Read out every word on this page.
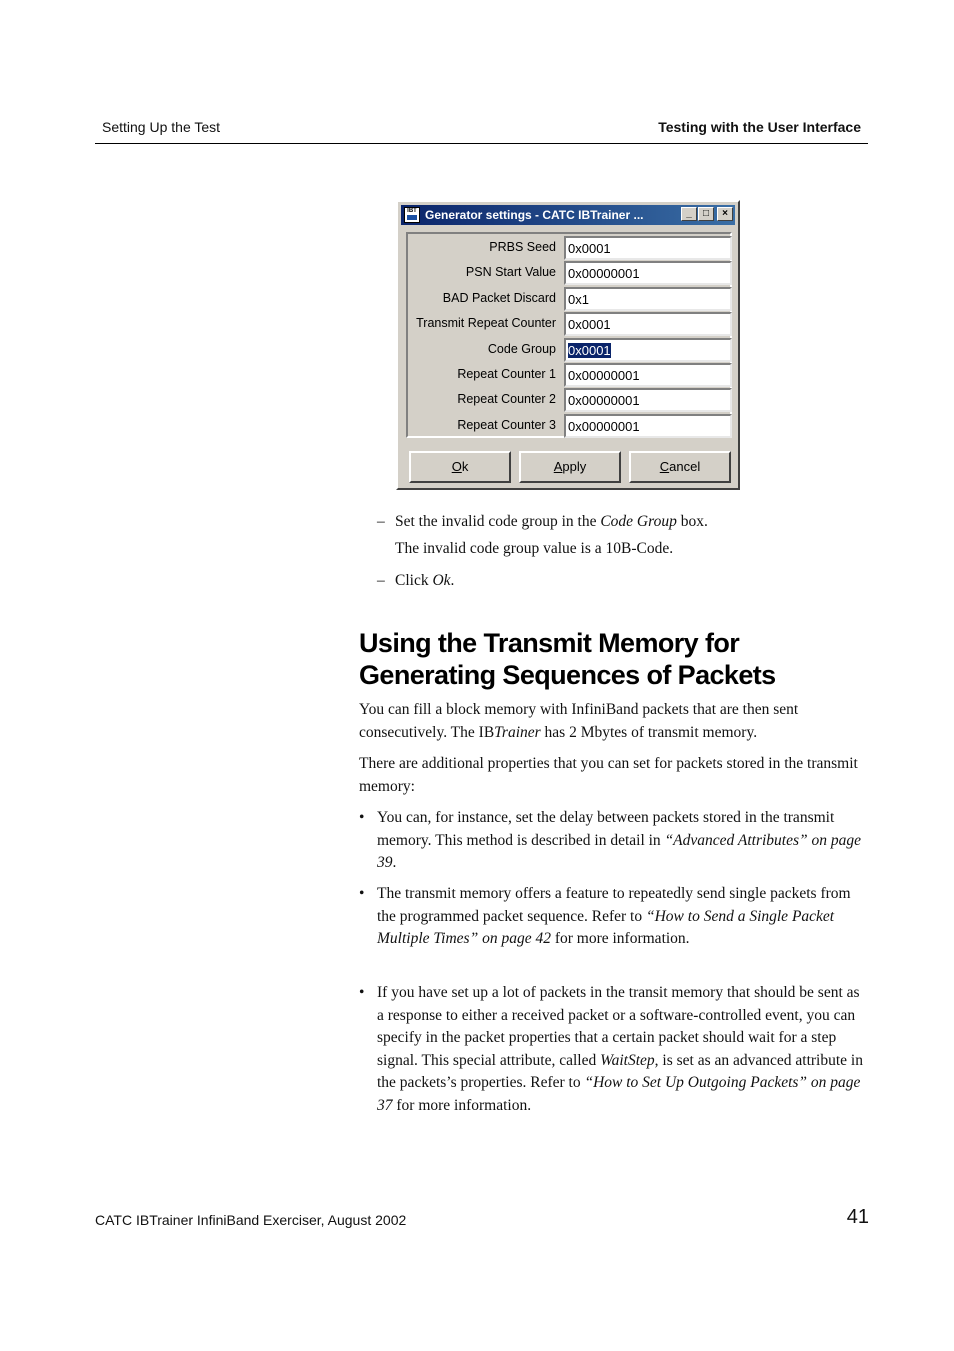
Setting Up the Test	Testing with the User Interface
IBT Generator settings - CATC IBTrainer ...	_	□	×
PRBS Seed 0x0001
PSN Start Value 0x00000001
BAD Packet Discard 0x1
Transmit Repeat Counter 0x0001
Code Group 0x0001
Repeat Counter 1 0x00000001
Repeat Counter 2 0x00000001
Repeat Counter 3 0x00000001
Ok	Apply	Cancel
– Set the invalid code group in the Code Group box.
The invalid code group value is a 10B-Code.
– Click Ok.
Using the Transmit Memory for Generating Sequences of Packets
You can fill a block memory with InfiniBand packets that are then sent consecutively. The IBTrainer has 2 Mbytes of transmit memory.
There are additional properties that you can set for packets stored in the transmit memory:
• You can, for instance, set the delay between packets stored in the transmit memory. This method is described in detail in “Advanced Attributes” on page 39.
• The transmit memory offers a feature to repeatedly send single packets from the programmed packet sequence. Refer to “How to Send a Single Packet Multiple Times” on page 42 for more information.
• If you have set up a lot of packets in the transit memory that should be sent as a response to either a received packet or a software-controlled event, you can specify in the packet properties that a certain packet should wait for a step signal. This special attribute, called WaitStep, is set as an advanced attribute in the packets’s properties. Refer to “How to Set Up Outgoing Packets” on page 37 for more information.
CATC IBTrainer InfiniBand Exerciser, August 2002	41
